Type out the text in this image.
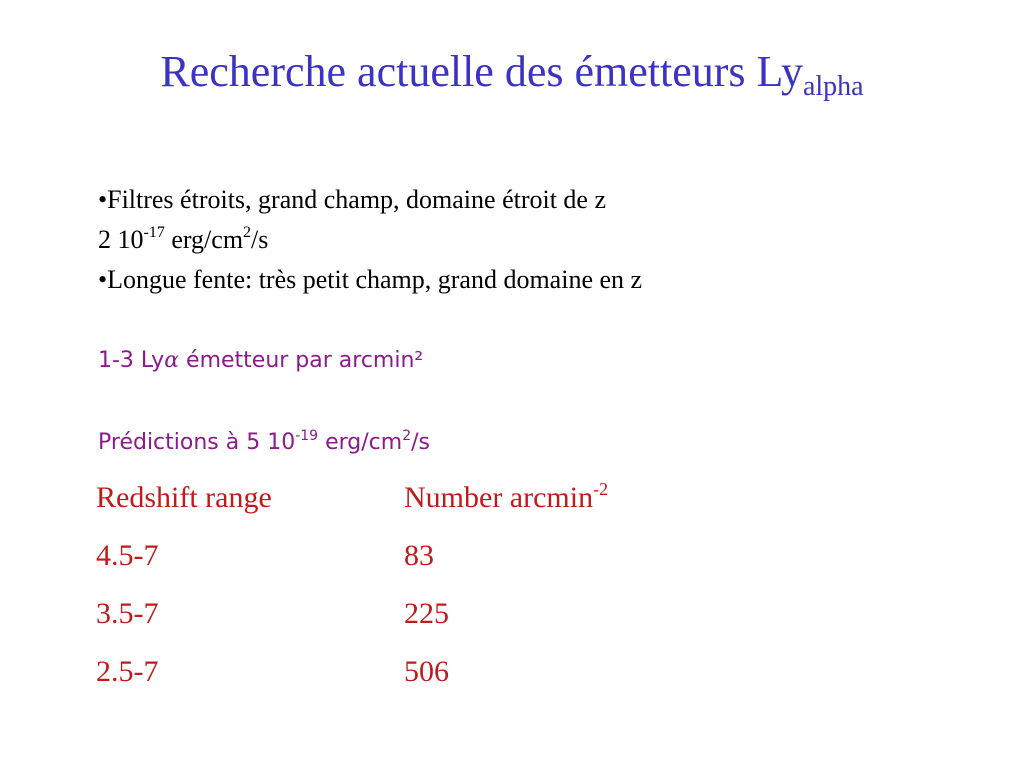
Recherche actuelle des émetteurs $Ly_{alpha}$
•Filtres étroits, grand champ, domaine étroit de z
2 $10^{-17}$ erg/$cm^2/s$
•Longue fente: très petit champ, grand domaine en z
1-3 Lyα émetteur par arcmin²
Prédictions à 5 $10^{-19}$ erg/$cm^2/s$
Redshift range	Number arcmin$^{-2}$
4.5-7	83
3.5-7	225
2.5-7	506
